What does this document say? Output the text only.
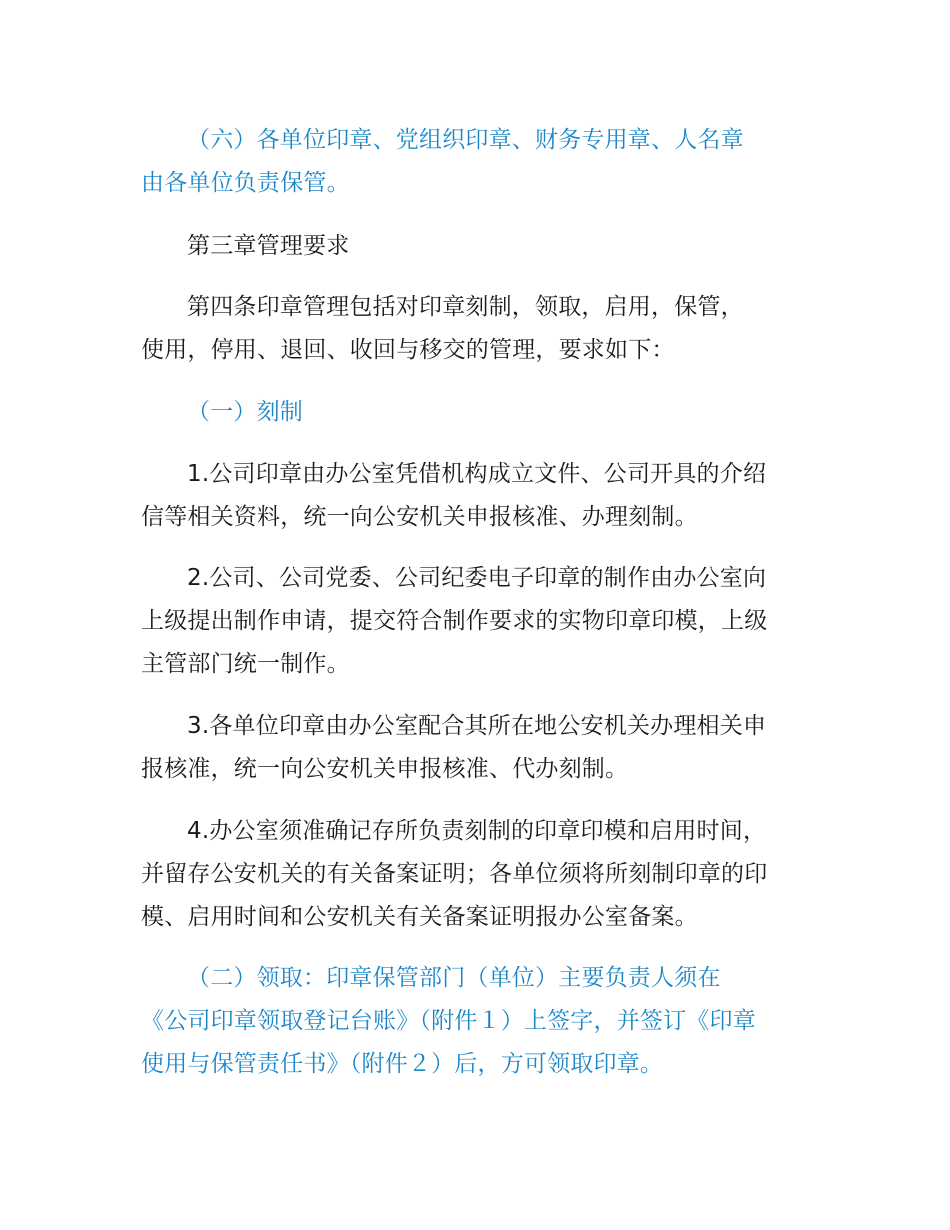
（六）各单位印章、党组织印章、财务专用章、人名章
由各单位负责保管。

第三章管理要求

第四条印章管理包括对印章刻制，领取，启用，保管，
使用，停用、退回、收回与移交的管理，要求如下：

（一）刻制

1.公司印章由办公室凭借机构成立文件、公司开具的介绍
信等相关资料，统一向公安机关申报核准、办理刻制。

2.公司、公司党委、公司纪委电子印章的制作由办公室向
上级提出制作申请，提交符合制作要求的实物印章印模，上级
主管部门统一制作。

3.各单位印章由办公室配合其所在地公安机关办理相关申
报核准，统一向公安机关申报核准、代办刻制。

4.办公室须准确记存所负责刻制的印章印模和启用时间，
并留存公安机关的有关备案证明；各单位须将所刻制印章的印
模、启用时间和公安机关有关备案证明报办公室备案。

（二）领取：印章保管部门（单位）主要负责人须在
《公司印章领取登记台账》（附件１）上签字，并签订《印章
使用与保管责任书》（附件２）后，方可领取印章。
